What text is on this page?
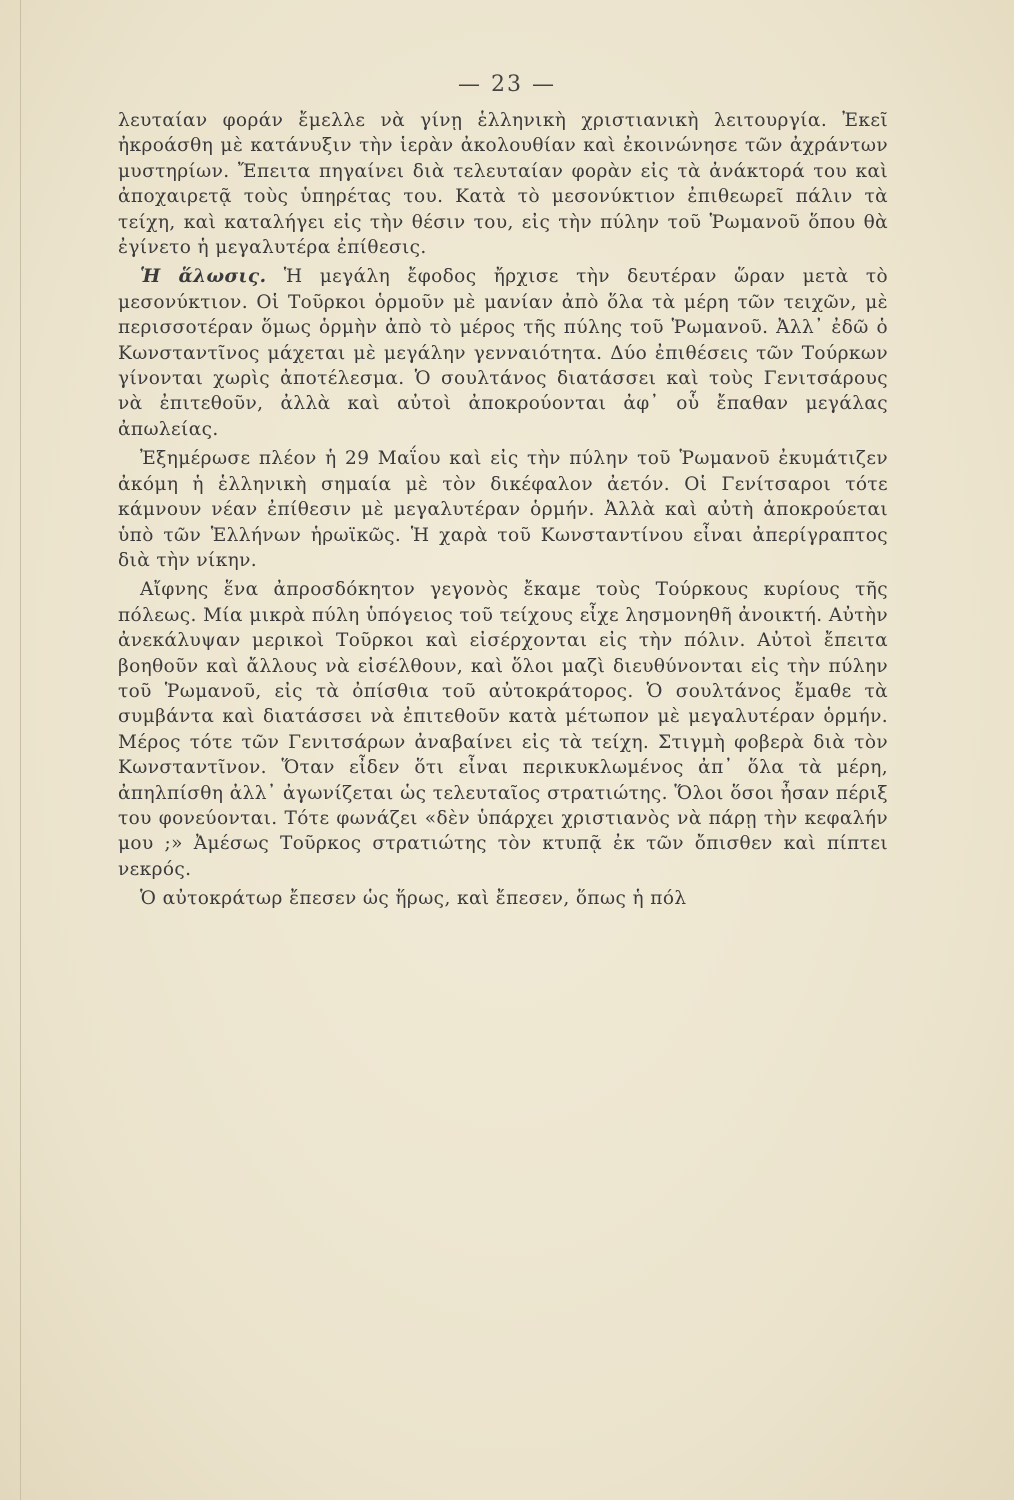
— 23 —

λευταίαν φοράν ἔμελλε νὰ γίνῃ ἑλληνικὴ χριστιανικὴ λειτουργία. Ἐκεῖ ἠκροάσθη μὲ κατάνυξιν τὴν ἱερὰν ἀκολουθίαν καὶ ἐκοινώνησε τῶν ἀχράντων μυστηρίων. Ἔπειτα πηγαίνει διὰ τελευταίαν φορὰν εἰς τὰ ἀνάκτορά του καὶ ἀποχαιρετᾷ τοὺς ὑπηρέτας του. Κατὰ τὸ μεσονύκτιον ἐπιθεωρεῖ πάλιν τὰ τείχη, καὶ καταλήγει εἰς τὴν θέσιν του, εἰς τὴν πύλην τοῦ Ῥωμανοῦ ὅπου θὰ ἐγίνετο ἡ μεγαλυτέρα ἐπίθεσις.

Ἡ ἅλωσις. Ἡ μεγάλη ἔφοδος ἤρχισε τὴν δευτέραν ὥραν μετὰ τὸ μεσονύκτιον. Οἱ Τοῦρκοι ὁρμοῦν μὲ μανίαν ἀπὸ ὅλα τὰ μέρη τῶν τειχῶν, μὲ περισσοτέραν ὅμως ὁρμὴν ἀπὸ τὸ μέρος τῆς πύλης τοῦ Ῥωμανοῦ. Ἀλλ᾽ ἐδῶ ὁ Κωνσταντῖνος μάχεται μὲ μεγάλην γενναιότητα. Δύο ἐπιθέσεις τῶν Τούρκων γίνονται χωρὶς ἀποτέλεσμα. Ὁ σουλτάνος διατάσσει καὶ τοὺς Γενιτσάρους νὰ ἐπιτεθοῦν, ἀλλὰ καὶ αὐτοὶ ἀποκρούονται ἀφ᾽ οὗ ἔπαθαν μεγάλας ἀπωλείας.

Ἐξημέρωσε πλέον ἡ 29 Μαΐου καὶ εἰς τὴν πύλην τοῦ Ῥωμανοῦ ἐκυμάτιζεν ἀκόμη ἡ ἑλληνικὴ σημαία μὲ τὸν δικέφαλον ἀετόν. Οἱ Γενίτσαροι τότε κάμνουν νέαν ἐπίθεσιν μὲ μεγαλυτέραν ὁρμήν. Ἀλλὰ καὶ αὐτὴ ἀποκρούεται ὑπὸ τῶν Ἑλλήνων ἡρωϊκῶς. Ἡ χαρὰ τοῦ Κωνσταντίνου εἶναι ἀπερίγραπτος διὰ τὴν νίκην.

Αἴφνης ἕνα ἀπροσδόκητον γεγονὸς ἔκαμε τοὺς Τούρκους κυρίους τῆς πόλεως. Μία μικρὰ πύλη ὑπόγειος τοῦ τείχους εἶχε λησμονηθῆ ἀνοικτή. Αὐτὴν ἀνεκάλυψαν μερικοὶ Τοῦρκοι καὶ εἰσέρχονται εἰς τὴν πόλιν. Αὐτοὶ ἔπειτα βοηθοῦν καὶ ἄλλους νὰ εἰσέλθουν, καὶ ὅλοι μαζὶ διευθύνονται εἰς τὴν πύλην τοῦ Ῥωμανοῦ, εἰς τὰ ὀπίσθια τοῦ αὐτοκράτορος. Ὁ σουλτάνος ἔμαθε τὰ συμβάντα καὶ διατάσσει νὰ ἐπιτεθοῦν κατὰ μέτωπον μὲ μεγαλυτέραν ὁρμήν. Μέρος τότε τῶν Γενιτσάρων ἀναβαίνει εἰς τὰ τείχη. Στιγμὴ φοβερὰ διὰ τὸν Κωνσταντῖνον. Ὅταν εἶδεν ὅτι εἶναι περικυκλωμένος ἀπ᾽ ὅλα τὰ μέρη, ἀπηλπίσθη ἀλλ᾽ ἀγωνίζεται ὡς τελευταῖος στρατιώτης. Ὅλοι ὅσοι ἦσαν πέριξ του φονεύονται. Τότε φωνάζει «δὲν ὑπάρχει χριστιανὸς νὰ πάρῃ τὴν κεφαλήν μου ;» Ἀμέσως Τοῦρκος στρατιώτης τὸν κτυπᾷ ἐκ τῶν ὄπισθεν καὶ πίπτει νεκρός.

Ὁ αὐτοκράτωρ ἔπεσεν ὡς ἥρως, καὶ ἔπεσεν, ὅπως ἡ πόλ
